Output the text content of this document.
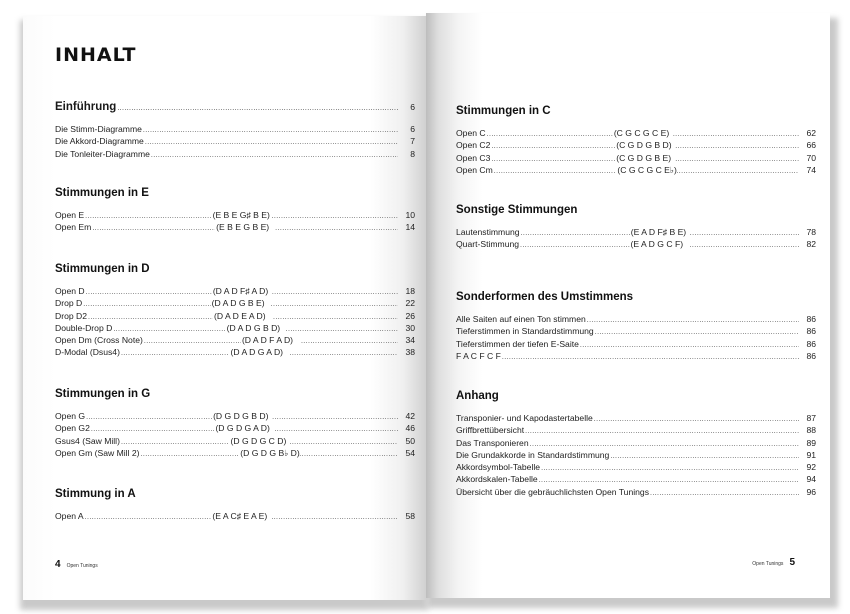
INHALT
Einführung .....	6
Die Stimm-Diagramme .....	6
Die Akkord-Diagramme .....	7
Die Tonleiter-Diagramme .....	8
Stimmungen in E
Open E .....	(E B E G♯ B E) .....	10
Open Em .....	(E B E G B E) .....	14
Stimmungen in D
Open D .....	(D A D F♯ A D) .....	18
Drop D .....	(D A D G B E) .....	22
Drop D2 .....	(D A D E A D) .....	26
Double-Drop D .....	(D A D G B D) .....	30
Open Dm (Cross Note) .....	(D A D F A D) .....	34
D-Modal (Dsus4) .....	(D A D G A D) .....	38
Stimmungen in G
Open G .....	(D G D G B D) .....	42
Open G2 .....	(D G D G A D) .....	46
Gsus4 (Saw Mill) .....	(D G D G C D) .....	50
Open Gm (Saw Mill 2) .....	(D G D G B♭ D) .....	54
Stimmung in A
Open A .....	(E A C♯ E A E) .....	58
4 Open Tunings
Stimmungen in C
Open C .....	(C G C G C E) .....	62
Open C2 .....	(C G D G B D) .....	66
Open C3 .....	(C G D G B E) .....	70
Open Cm .....	(C G C G C E♭) .....	74
Sonstige Stimmungen
Lautenstimmung .....	(E A D F♯ B E) .....	78
Quart-Stimmung .....	(E A D G C F) .....	82
Sonderformen des Umstimmens
Alle Saiten auf einen Ton stimmen .....	86
Tieferstimmen in Standardstimmung .....	86
Tieferstimmen der tiefen E-Saite .....	86
F A C F C F .....	86
Anhang
Transponier- und Kapodastertabelle .....	87
Griffbrettübersicht .....	88
Das Transponieren .....	89
Die Grundakkorde in Standardstimmung .....	91
Akkordsymbol-Tabelle .....	92
Akkordskalen-Tabelle .....	94
Übersicht über die gebräuchlichsten Open Tunings .....	96
Open Tunings 5
